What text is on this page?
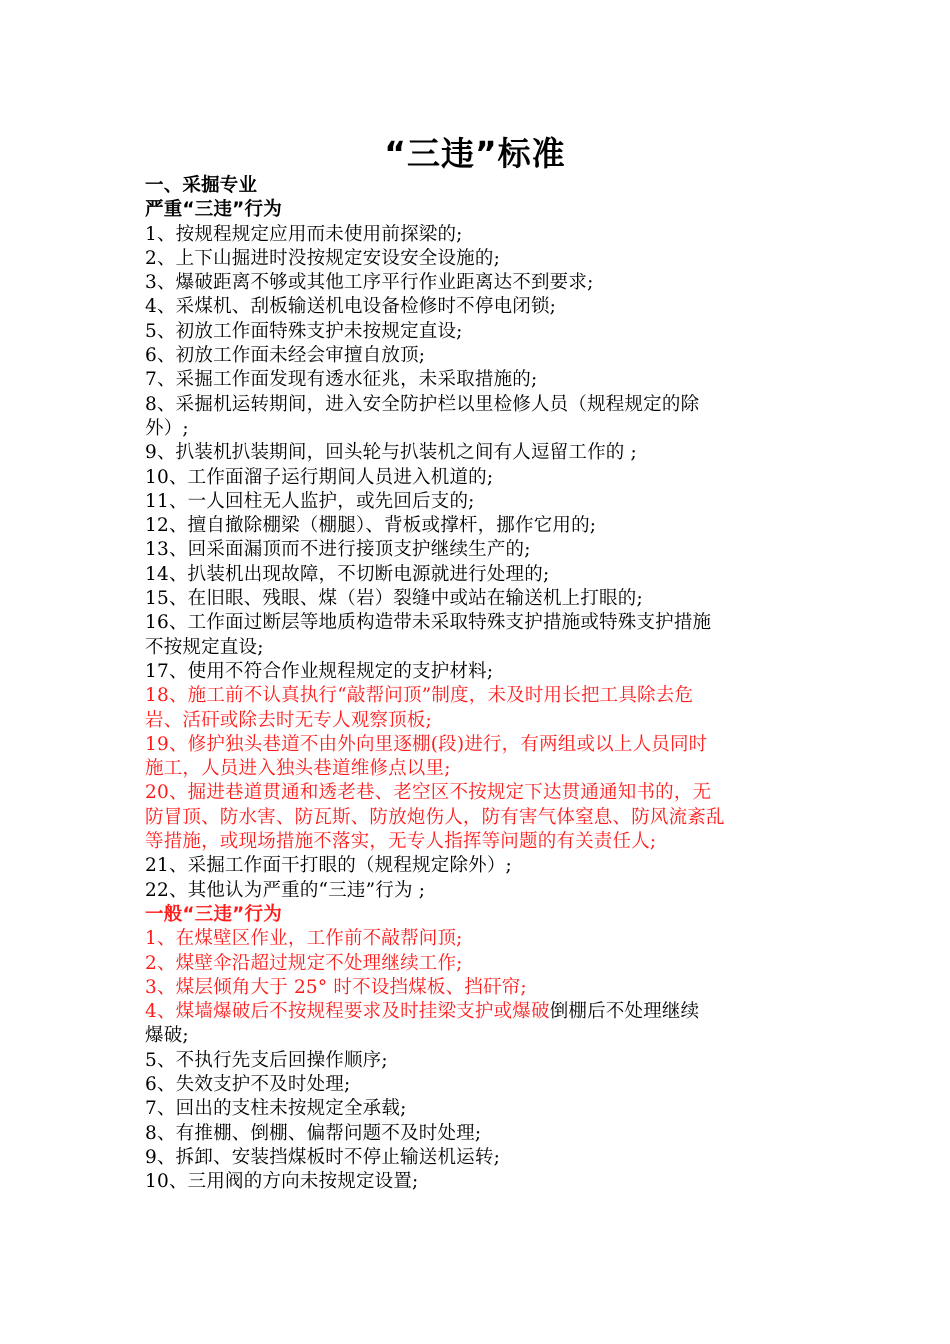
“三违”标准
一、采掘专业
严重“三违”行为
1、按规程规定应用而未使用前探梁的;
2、上下山掘进时没按规定安设安全设施的;
3、爆破距离不够或其他工序平行作业距离达不到要求;
4、采煤机、刮板输送机电设备检修时不停电闭锁;
5、初放工作面特殊支护未按规定直设;
6、初放工作面未经会审擅自放顶;
7、采掘工作面发现有透水征兆，未采取措施的;
8、采掘机运转期间，进入安全防护栏以里检修人员（规程规定的除
外）;
9、扒装机扒装期间，回头轮与扒装机之间有人逗留工作的 ;
10、工作面溜子运行期间人员进入机道的;
11、一人回柱无人监护，或先回后支的;
12、擅自撤除棚梁（棚腿）、背板或撑杆，挪作它用的;
13、回采面漏顶而不进行接顶支护继续生产的;
14、扒装机出现故障，不切断电源就进行处理的;
15、在旧眼、残眼、煤（岩）裂缝中或站在输送机上打眼的;
16、工作面过断层等地质构造带未采取特殊支护措施或特殊支护措施
不按规定直设;
17、使用不符合作业规程规定的支护材料;
18、施工前不认真执行“敲帮问顶”制度，未及时用长把工具除去危
岩、活矸或除去时无专人观察顶板;
19、修护独头巷道不由外向里逐棚(段)进行，有两组或以上人员同时
施工，人员进入独头巷道维修点以里;
20、掘进巷道贯通和透老巷、老空区不按规定下达贯通通知书的，无
防冒顶、防水害、防瓦斯、防放炮伤人，防有害气体窒息、防风流紊乱
等措施，或现场措施不落实，无专人指挥等问题的有关责任人;
21、采掘工作面干打眼的（规程规定除外）;
22、其他认为严重的“三违”行为 ;
一般“三违”行为
1、在煤壁区作业，工作前不敲帮问顶;
2、煤壁伞沿超过规定不处理继续工作;
3、煤层倾角大于 25° 时不设挡煤板、挡矸帘;
4、煤墙爆破后不按规程要求及时挂梁支护或爆破倒棚后不处理继续
爆破;
5、不执行先支后回操作顺序;
6、失效支护不及时处理;
7、回出的支柱未按规定全承载;
8、有推棚、倒棚、偏帮问题不及时处理;
9、拆卸、安装挡煤板时不停止输送机运转;
10、三用阀的方向未按规定设置;
